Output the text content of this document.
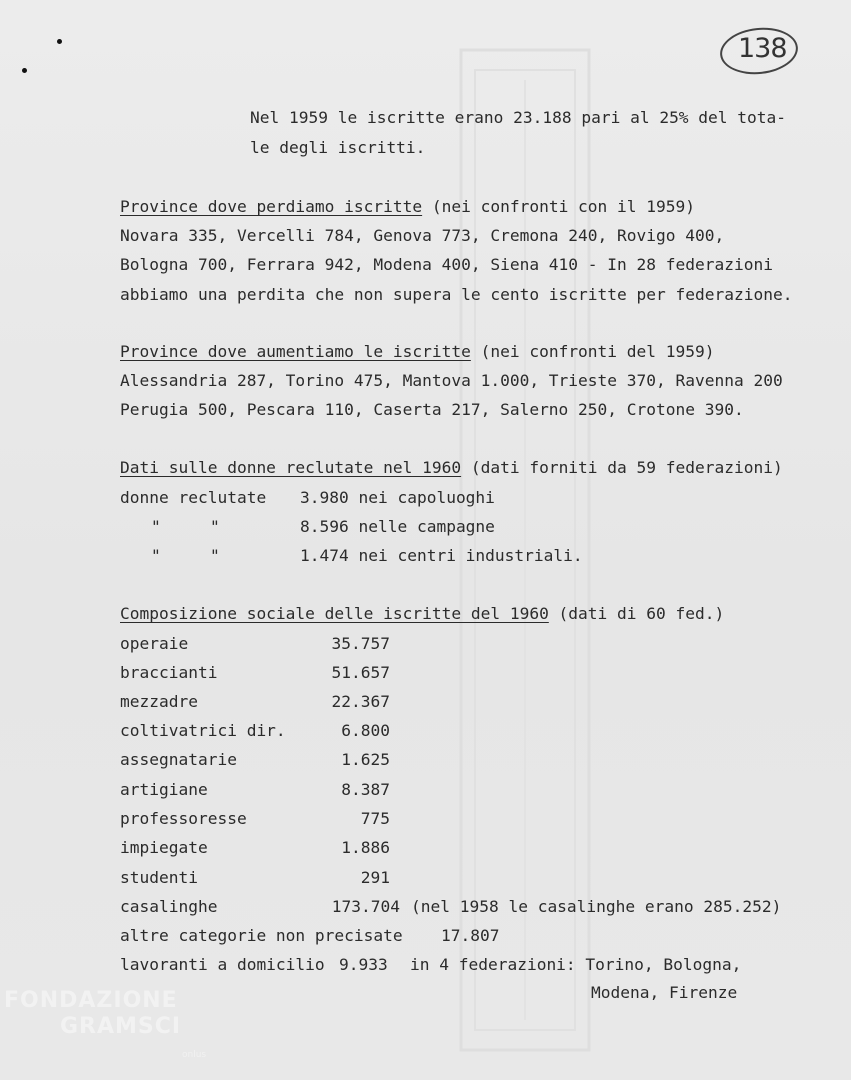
138
Nel 1959 le iscritte erano 23.188 pari al 25% del tota-
le degli iscritti.
Province dove perdiamo iscritte (nei confronti con il 1959)
Novara 335, Vercelli 784, Genova 773, Cremona 240, Rovigo 400,
Bologna 700, Ferrara 942, Modena 400, Siena 410 - In 28 federazioni
abbiamo una perdita che non supera le cento iscritte per federazione.
Province dove aumentiamo le iscritte (nei confronti del 1959)
Alessandria 287, Torino 475, Mantova 1.000, Trieste 370, Ravenna 200
Perugia 500, Pescara 110, Caserta 217, Salerno 250, Crotone 390.
Dati sulle donne reclutate nel 1960 (dati forniti da 59 federazioni)
donne reclutate 3.980 nei capoluoghi
"	"	8.596 nelle campagne
"	"	1.474 nei centri industriali.
Composizione sociale delle iscritte del 1960 (dati di 60 fed.)
operaie	35.757
braccianti	51.657
mezzadre	22.367
coltivatrici dir.	6.800
assegnatarie	1.625
artigiane	8.387
professoresse	775
impiegate	1.886
studenti	291
casalinghe	173.704 (nel 1958 le casalinghe erano 285.252)
altre categorie non precisate 17.807
lavoranti a domicilio 9.933 in 4 federazioni: Torino, Bologna,
Modena, Firenze
FONDAZIONE
GRAMSCI
onlus
